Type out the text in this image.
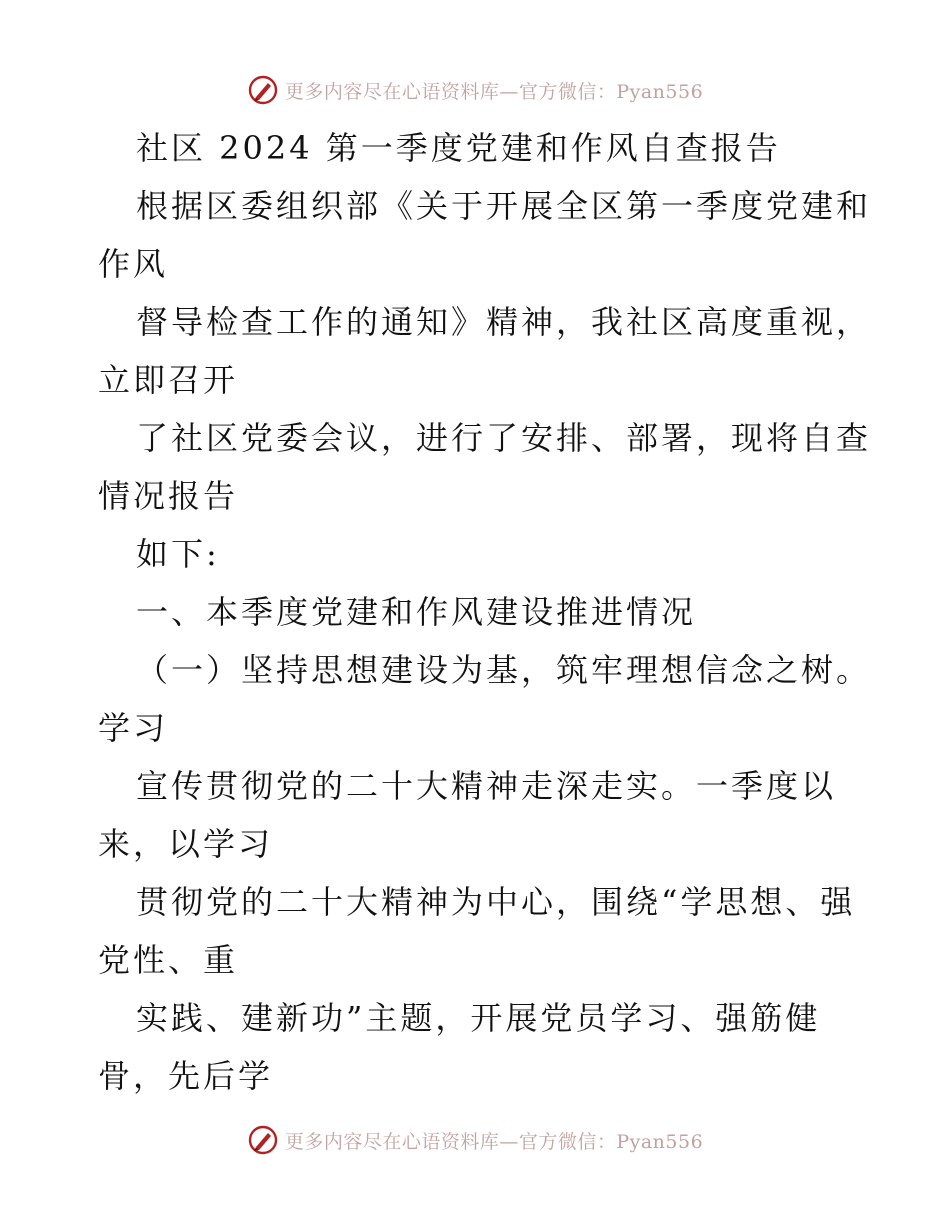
更多内容尽在心语资料库—官方微信：Pyan556
社区 2024 第一季度党建和作风自查报告
根据区委组织部《关于开展全区第一季度党建和
作风
督导检查工作的通知》精神，我社区高度重视，
立即召开
了社区党委会议，进行了安排、部署，现将自查
情况报告
如下:
一、本季度党建和作风建设推进情况
（一）坚持思想建设为基，筑牢理想信念之树。
学习
宣传贯彻党的二十大精神走深走实。一季度以
来，以学习
贯彻党的二十大精神为中心，围绕“学思想、强
党性、重
实践、建新功”主题，开展党员学习、强筋健
骨，先后学
更多内容尽在心语资料库—官方微信：Pyan556
